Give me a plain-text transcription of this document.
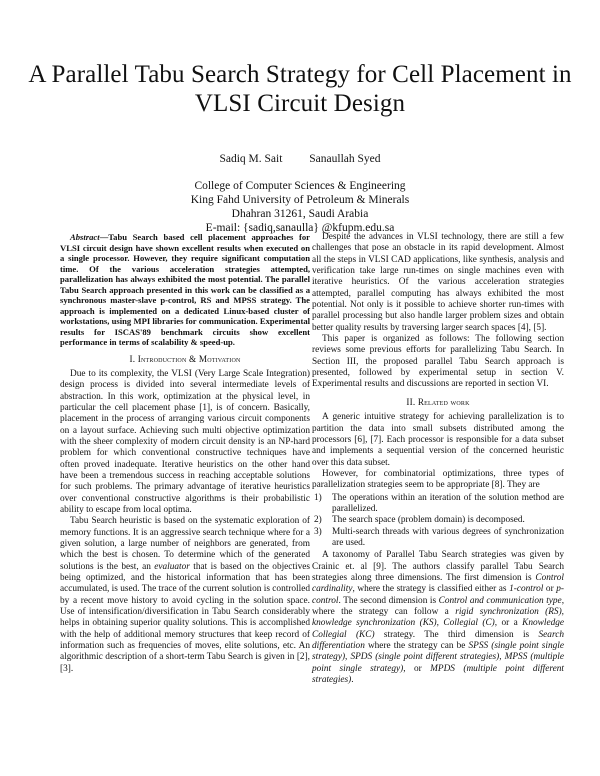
A Parallel Tabu Search Strategy for Cell Placement in VLSI Circuit Design
Sadiq M. Sait Sanaullah Syed
College of Computer Sciences & Engineering
King Fahd University of Petroleum & Minerals
Dhahran 31261, Saudi Arabia
E-mail: {sadiq,sanaulla} @kfupm.edu.sa

Abstract—Tabu Search based cell placement approaches for VLSI circuit design have shown excellent results when executed on a single processor. However, they require significant computation time. Of the various acceleration strategies attempted, parallelization has always exhibited the most potential. The parallel Tabu Search approach presented in this work can be classified as a synchronous master-slave p-control, RS and MPSS strategy. The approach is implemented on a dedicated Linux-based cluster of workstations, using MPI libraries for communication. Experimental results for ISCAS'89 benchmark circuits show excellent performance in terms of scalability & speed-up.

I. Introduction & Motivation

Due to its complexity, the VLSI (Very Large Scale Integration) design process is divided into several intermediate levels of abstraction. In this work, optimization at the physical level, in particular the cell placement phase [1], is of concern. Basically, placement in the process of arranging various circuit components on a layout surface. Achieving such multi objective optimization with the sheer complexity of modern circuit density is an NP-hard problem for which conventional constructive techniques have often proved inadequate. Iterative heuristics on the other hand have been a tremendous success in reaching acceptable solutions for such problems. The primary advantage of iterative heuristics over conventional constructive algorithms is their probabilistic ability to escape from local optima.

Tabu Search heuristic is based on the systematic exploration of memory functions. It is an aggressive search technique where for a given solution, a large number of neighbors are generated, from which the best is chosen. To determine which of the generated solutions is the best, an evaluator that is based on the objectives being optimized, and the historical information that has been accumulated, is used. The trace of the current solution is controlled by a recent move history to avoid cycling in the solution space. Use of intensification/diversification in Tabu Search considerably helps in obtaining superior quality solutions. This is accomplished with the help of additional memory structures that keep record of information such as frequencies of moves, elite solutions, etc. An algorithmic description of a short-term Tabu Search is given in [2], [3].

Despite the advances in VLSI technology, there are still a few challenges that pose an obstacle in its rapid development. Almost all the steps in VLSI CAD applications, like synthesis, analysis and verification take large run-times on single machines even with iterative heuristics. Of the various acceleration strategies attempted, parallel computing has always exhibited the most potential. Not only is it possible to achieve shorter run-times with parallel processing but also handle larger problem sizes and obtain better quality results by traversing larger search spaces [4], [5].

This paper is organized as follows: The following section reviews some previous efforts for parallelizing Tabu Search. In Section III, the proposed parallel Tabu Search approach is presented, followed by experimental setup in section V. Experimental results and discussions are reported in section VI.

II. Related work

A generic intuitive strategy for achieving parallelization is to partition the data into small subsets distributed among the processors [6], [7]. Each processor is responsible for a data subset and implements a sequential version of the concerned heuristic over this data subset.

However, for combinatorial optimizations, three types of parallelization strategies seem to be appropriate [8]. They are

1) The operations within an iteration of the solution method are parallelized.
2) The search space (problem domain) is decomposed.
3) Multi-search threads with various degrees of synchronization are used.

A taxonomy of Parallel Tabu Search strategies was given by Crainic et. al [9]. The authors classify parallel Tabu Search strategies along three dimensions. The first dimension is Control cardinality, where the strategy is classified either as 1-control or p-control. The second dimension is Control and communication type, where the strategy can follow a rigid synchronization (RS), knowledge synchronization (KS), Collegial (C), or a Knowledge Collegial (KC) strategy. The third dimension is Search differentiation where the strategy can be SPSS (single point single strategy), SPDS (single point different strategies), MPSS (multiple point single strategy), or MPDS (multiple point different strategies).
